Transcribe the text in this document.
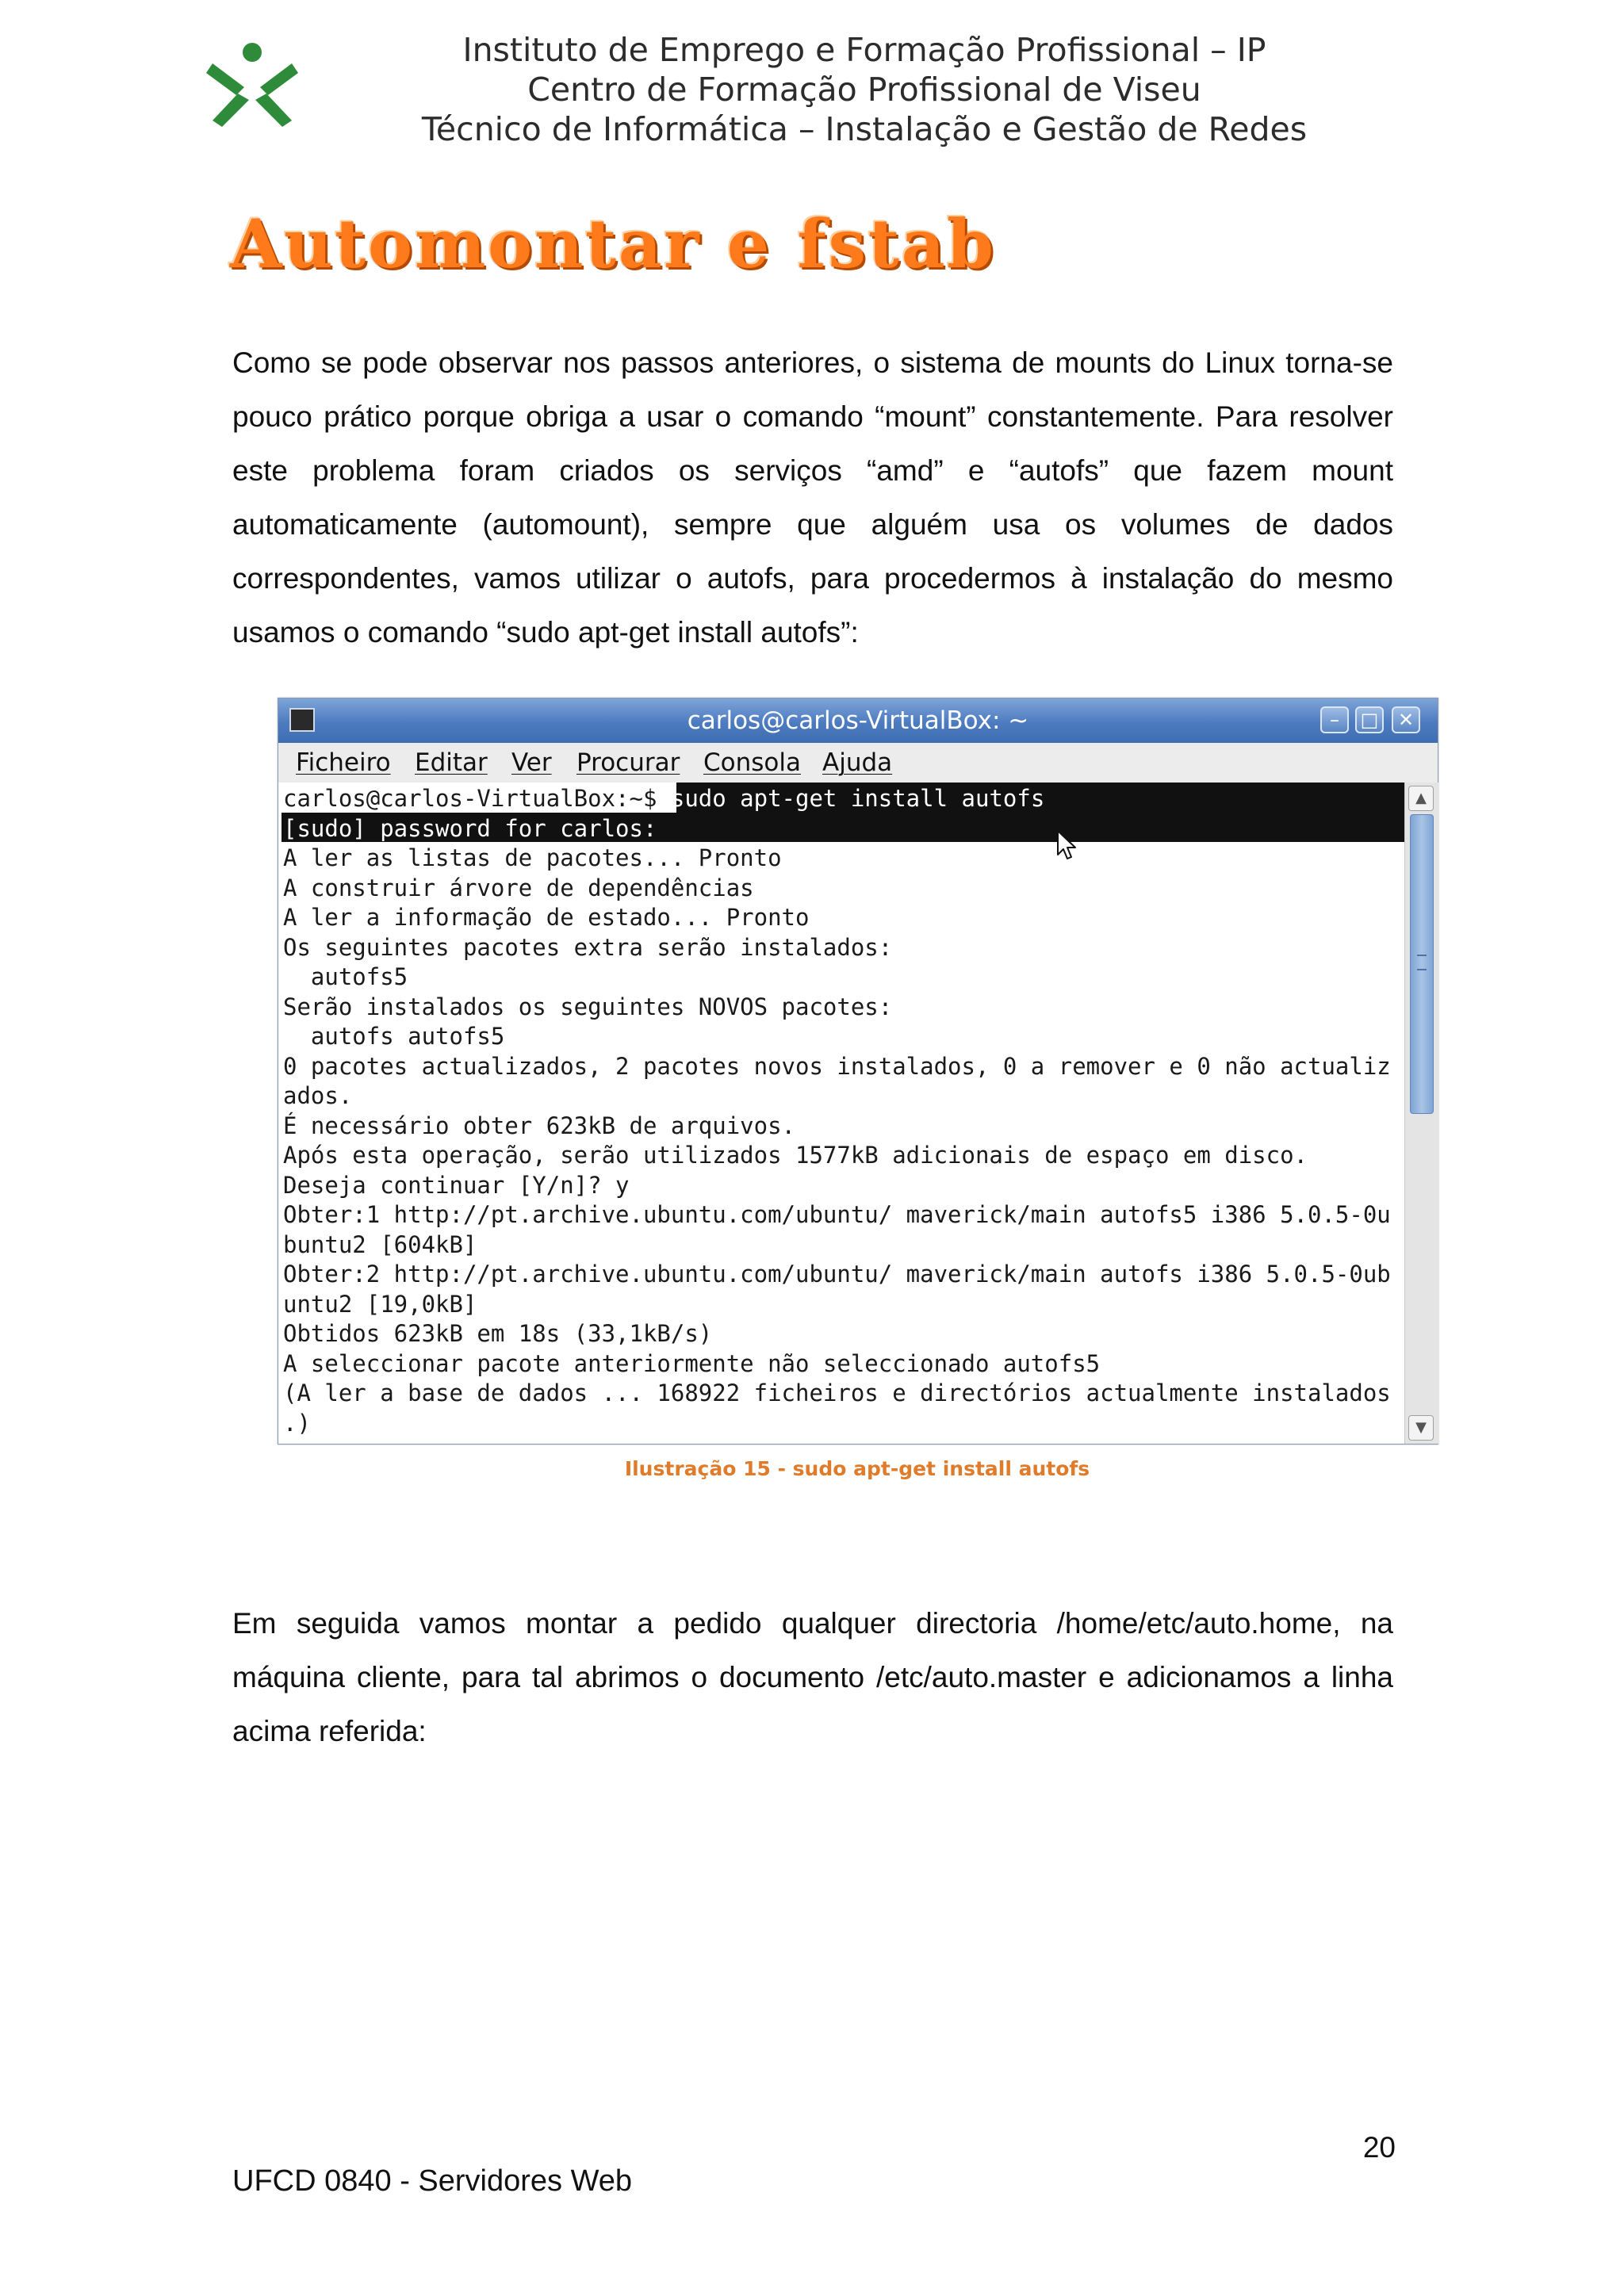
Instituto de Emprego e Formação Profissional – IP
Centro de Formação Profissional de Viseu
Técnico de Informática – Instalação e Gestão de Redes
Automontar e fstab
Como se pode observar nos passos anteriores, o sistema de mounts do Linux torna-se pouco prático porque obriga a usar o comando “mount” constantemente. Para resolver este problema foram criados os serviços “amd” e “autofs” que fazem mount automaticamente (automount), sempre que alguém usa os volumes de dados correspondentes, vamos utilizar o autofs, para procedermos à instalação do mesmo usamos o comando “sudo apt-get install autofs”:
carlos@carlos-VirtualBox: ~	–	□	✕
Ficheiro Editar Ver Procurar Consola Ajuda
carlos@carlos-VirtualBox:~$ sudo apt-get install autofs
[sudo] password for carlos:
A ler as listas de pacotes... Pronto
A construir árvore de dependências
A ler a informação de estado... Pronto
Os seguintes pacotes extra serão instalados:
autofs5
Serão instalados os seguintes NOVOS pacotes:
autofs autofs5
0 pacotes actualizados, 2 pacotes novos instalados, 0 a remover e 0 não actualiz
ados.
É necessário obter 623kB de arquivos.
Após esta operação, serão utilizados 1577kB adicionais de espaço em disco.
Deseja continuar [Y/n]? y
Obter:1 http://pt.archive.ubuntu.com/ubuntu/ maverick/main autofs5 i386 5.0.5-0u
buntu2 [604kB]
Obter:2 http://pt.archive.ubuntu.com/ubuntu/ maverick/main autofs i386 5.0.5-0ub
untu2 [19,0kB]
Obtidos 623kB em 18s (33,1kB/s)
A seleccionar pacote anteriormente não seleccionado autofs5
(A ler a base de dados ... 168922 ficheiros e directórios actualmente instalados
.)
▲
▼
Ilustração 15 - sudo apt-get install autofs
Em seguida vamos montar a pedido qualquer directoria /home/etc/auto.home, na máquina cliente, para tal abrimos o documento /etc/auto.master e adicionamos a linha acima referida:
20
UFCD 0840 - Servidores Web
